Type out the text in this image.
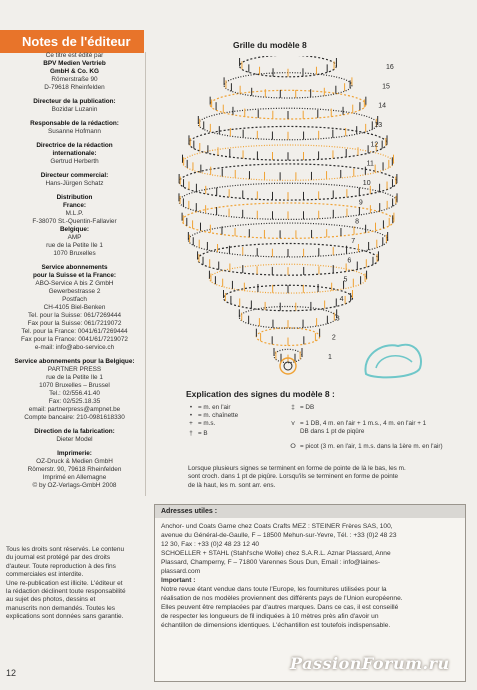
Notes de l'éditeur
Ce titre est édité par
BPV Medien Vertrieb
GmbH & Co. KG
Römerstraße 90
D-79618 Rheinfelden
Directeur de la publication:
Bozidar Luzanin
Responsable de la rédaction:
Susanne Hofmann
Directrice de la rédaction
internationale:
Gertrud Herberth
Directeur commercial:
Hans-Jürgen Schatz
Distribution
France:
M.L.P.
F-38070 St.-Quentin-Fallavier
Belgique:
AMP
rue de la Petite Ile 1
1070 Bruxelles
Service abonnements
pour la Suisse et la France:
ABO-Service A bis Z GmbH
Gewerbestrasse 2
Postfach
CH-4105 Biel-Benken
Tel. pour la Suisse: 061/7269444
Fax pour la Suisse: 061/7219072
Tel. pour la France: 0041/61/7269444
Fax pour la France: 0041/61/7219072
e-mail: info@abo-service.ch
Service abonnements pour la Belgique:
PARTNER PRESS
rue de la Petite Ile 1
1070 Bruxelles – Brussel
Tel.: 02/556.41.40
Fax: 02/525.18.35
email: partnerpress@ampnet.be
Compte bancaire: 210-0981618330
Direction de la fabrication:
Dieter Model
Imprimerie:
OZ-Druck & Medien GmbH
Römerstr. 90, 79618 Rheinfelden
Imprimé en Allemagne
© by OZ-Verlags-GmbH 2008
Tous les droits sont réservés. Le contenu
du journal est protégé par des droits
d'auteur. Toute reproduction à des fins
commerciales est interdite.
Une re-publication est illicite. L'éditeur et
la rédaction déclinent toute responsabilité
au sujet des photos, dessins et
manuscrits non demandés. Toutes les
explications sont données sans garantie.
12
Grille du modèle 8
16
15
14
13
12
11
10
9
8
7
6
5
4
3
2
1
Explication des signes du modèle 8 :
• = m. en l'air
• = m. chaînette
+ = m.s.
† = B
‡ = DB
⋎ = 1 DB, 4 m. en l'air + 1 m.s., 4 m. en l'air + 1
DB dans 1 pt de piqûre
ⵔ = picot (3 m. en l'air, 1 m.s. dans la 1ère m. en l'air)
Lorsque plusieurs signes se terminent en forme de pointe de là le bas, les m.
sont croch. dans 1 pt de piqûre. Lorsqu'ils se terminent en forme de pointe
de là haut, les m. sont arr. ens.
Adresses utiles :
Anchor- und Coats Garne chez Coats Crafts MEZ : STEINER Frères SAS, 100,
avenue du Général-de-Gaulle, F – 18500 Mehun-sur-Yevre, Tél. : +33 (0)2 48 23
12 30, Fax : +33 (0)2 48 23 12 40
SCHOELLER + STAHL (Stahl'sche Wolle) chez S.A.R.L. Aznar Plassard, Anne
Plassard, Champerny, F – 71800 Varennes Sous Dun, Email : info@laines-
plassard.com
Important :
Notre revue étant vendue dans toute l'Europe, les fournitures utilisées pour la
réalisation de nos modèles proviennent des différents pays de l'Union européenne.
Elles peuvent être remplacées par d'autres marques. Dans ce cas, il est conseillé
de respecter les longueurs de fil indiquées à 10 mètres près afin d'avoir un
échantillon de dimensions identiques. L'échantillon est toutefois indispensable.
PassionForum.ru
